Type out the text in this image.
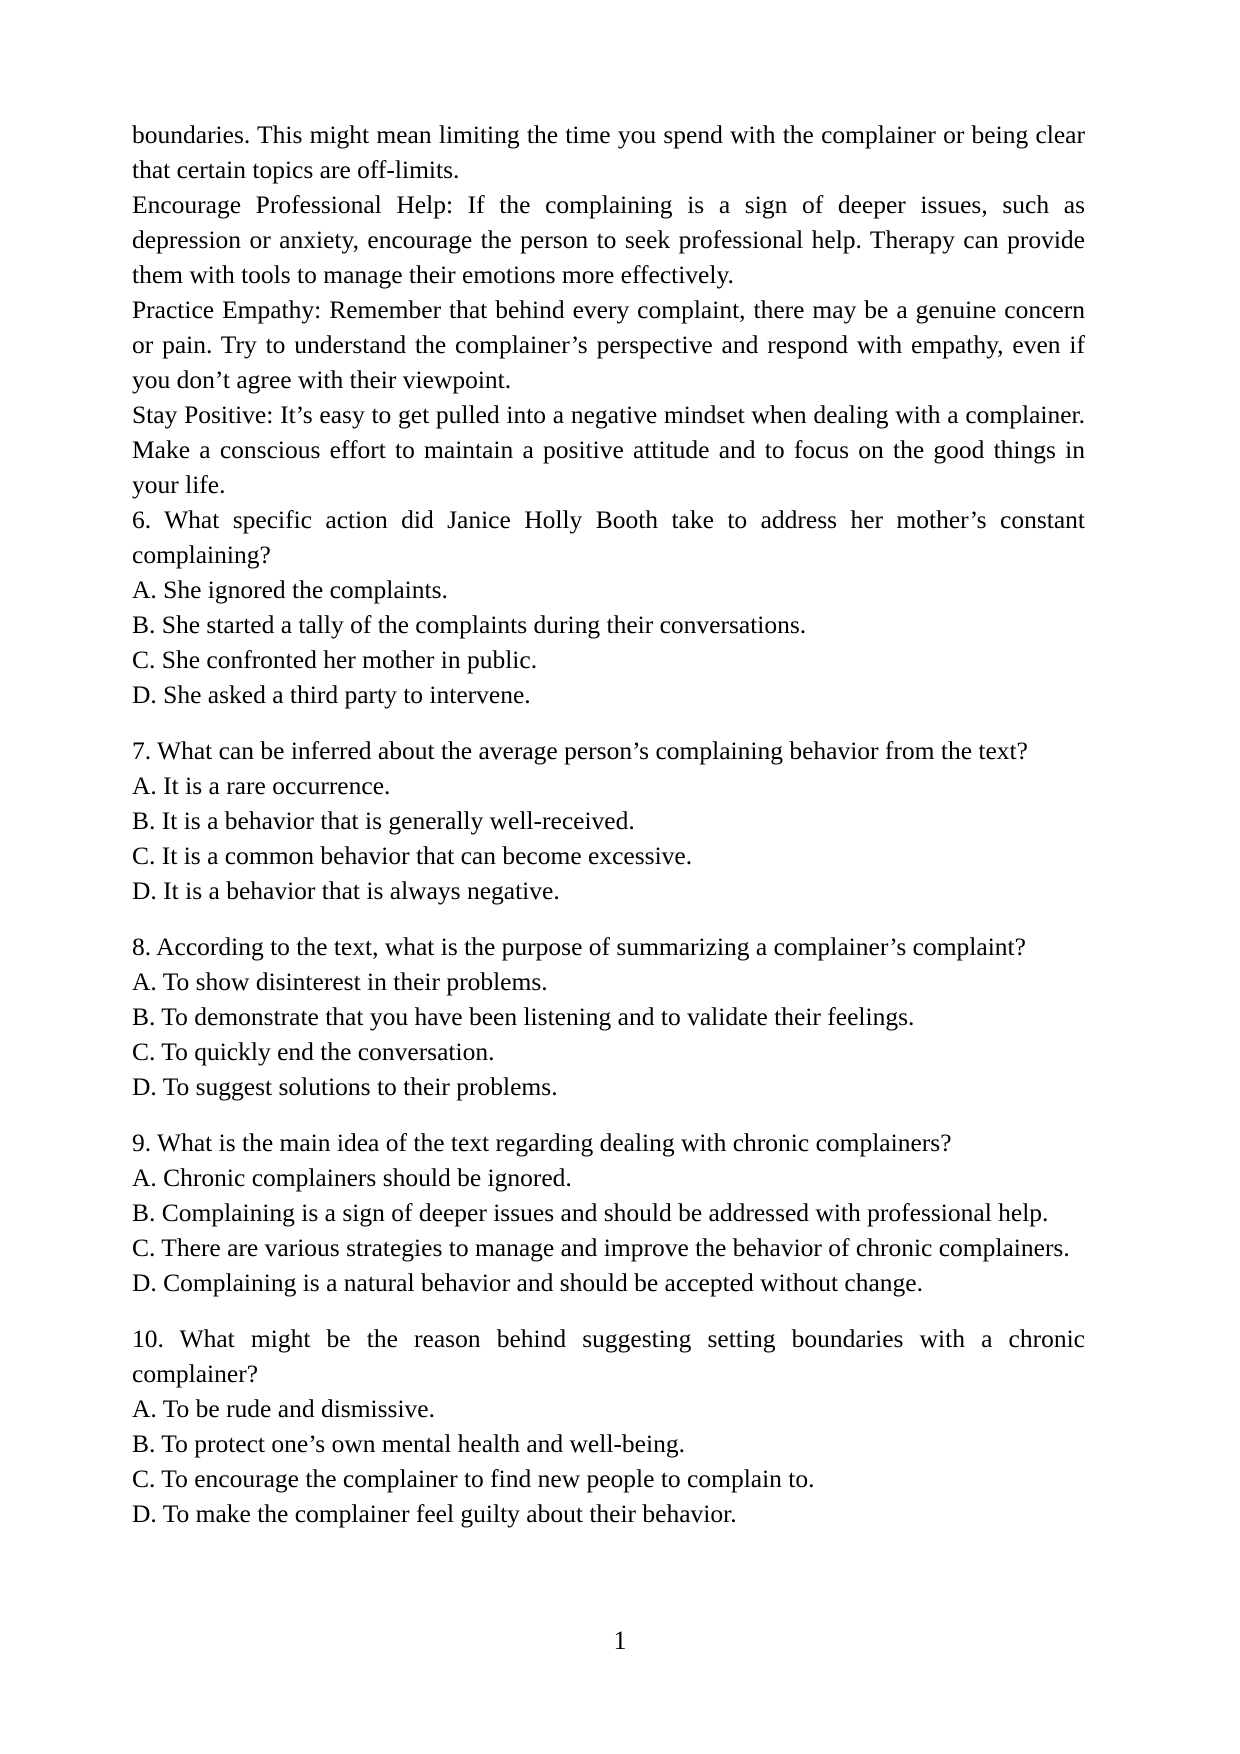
boundaries. This might mean limiting the time you spend with the complainer or being clear that certain topics are off-limits.

Encourage Professional Help: If the complaining is a sign of deeper issues, such as depression or anxiety, encourage the person to seek professional help. Therapy can provide them with tools to manage their emotions more effectively.

Practice Empathy: Remember that behind every complaint, there may be a genuine concern or pain. Try to understand the complainer’s perspective and respond with empathy, even if you don’t agree with their viewpoint.

Stay Positive: It’s easy to get pulled into a negative mindset when dealing with a complainer. Make a conscious effort to maintain a positive attitude and to focus on the good things in your life.

6. What specific action did Janice Holly Booth take to address her mother’s constant complaining?

A. She ignored the complaints.

B. She started a tally of the complaints during their conversations.

C. She confronted her mother in public.

D. She asked a third party to intervene.

7. What can be inferred about the average person’s complaining behavior from the text?

A. It is a rare occurrence.

B. It is a behavior that is generally well-received.

C. It is a common behavior that can become excessive.

D. It is a behavior that is always negative.

8. According to the text, what is the purpose of summarizing a complainer’s complaint?

A. To show disinterest in their problems.

B. To demonstrate that you have been listening and to validate their feelings.

C. To quickly end the conversation.

D. To suggest solutions to their problems.

9. What is the main idea of the text regarding dealing with chronic complainers?

A. Chronic complainers should be ignored.

B. Complaining is a sign of deeper issues and should be addressed with professional help.

C. There are various strategies to manage and improve the behavior of chronic complainers.

D. Complaining is a natural behavior and should be accepted without change.

10. What might be the reason behind suggesting setting boundaries with a chronic complainer?

A. To be rude and dismissive.

B. To protect one’s own mental health and well-being.

C. To encourage the complainer to find new people to complain to.

D. To make the complainer feel guilty about their behavior.

1
